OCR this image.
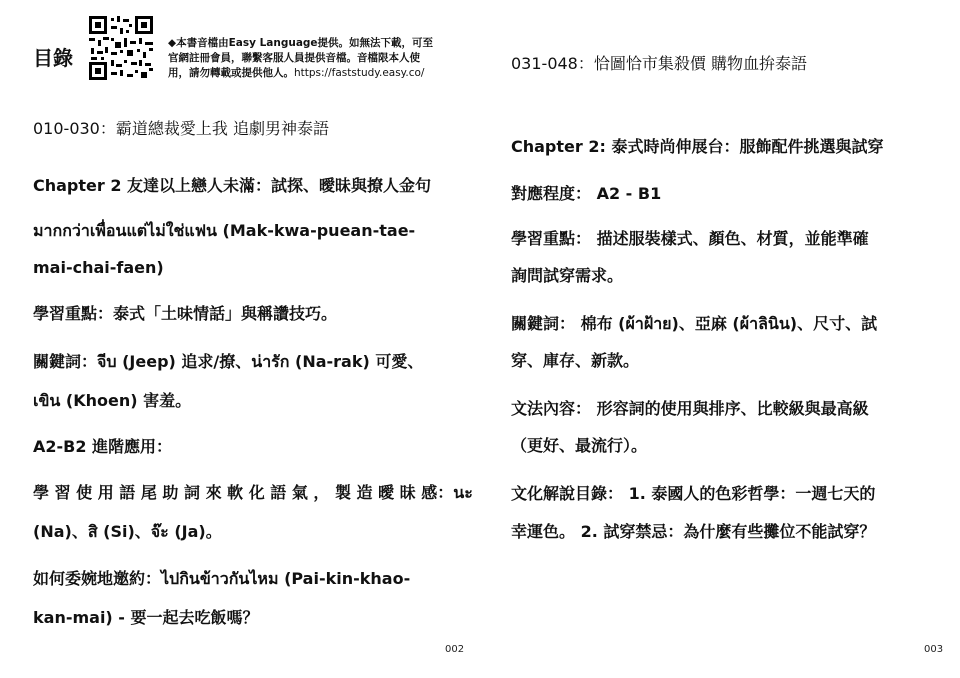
目錄
◆本書音檔由Easy Language提供。如無法下載，可至
官網註冊會員，聯繫客服人員提供音檔。音檔限本人使
用，請勿轉載或提供他人。https://faststudy.easy.co/
010-030：霸道總裁愛上我 追劇男神泰語
Chapter 2 友達以上戀人未滿：試探、曖昧與撩人金句
มากกว่าเพื่อนแต่ไม่ใช่แฟน (Mak-kwa-puean-tae-
mai-chai-faen)
學習重點：泰式「土味情話」與稱讚技巧。
關鍵詞：จีบ (Jeep) 追求/撩、น่ารัก (Na-rak) 可愛、
เขิน (Khoen) 害羞。
A2-B2 進階應用：
學 習 使 用 語 尾 助 詞 來 軟 化 語 氣 ， 製 造 曖 昧 感：นะ
(Na)、สิ (Si)、จ๊ะ (Ja)。
如何委婉地邀約：ไปกินข้าวกันไหม (Pai-kin-khao-
kan-mai) - 要一起去吃飯嗎？
002
031-048：恰圖恰市集殺價 購物血拚泰語
Chapter 2: 泰式時尚伸展台：服飾配件挑選與試穿
對應程度： A2 - B1
學習重點： 描述服裝樣式、顏色、材質，並能準確
詢問試穿需求。
關鍵詞： 棉布 (ผ้าฝ้าย)、亞麻 (ผ้าลินิน)、尺寸、試
穿、庫存、新款。
文法內容： 形容詞的使用與排序、比較級與最高級
（更好、最流行）。
文化解說目錄： 1. 泰國人的色彩哲學：一週七天的
幸運色。 2. 試穿禁忌：為什麼有些攤位不能試穿？
003
